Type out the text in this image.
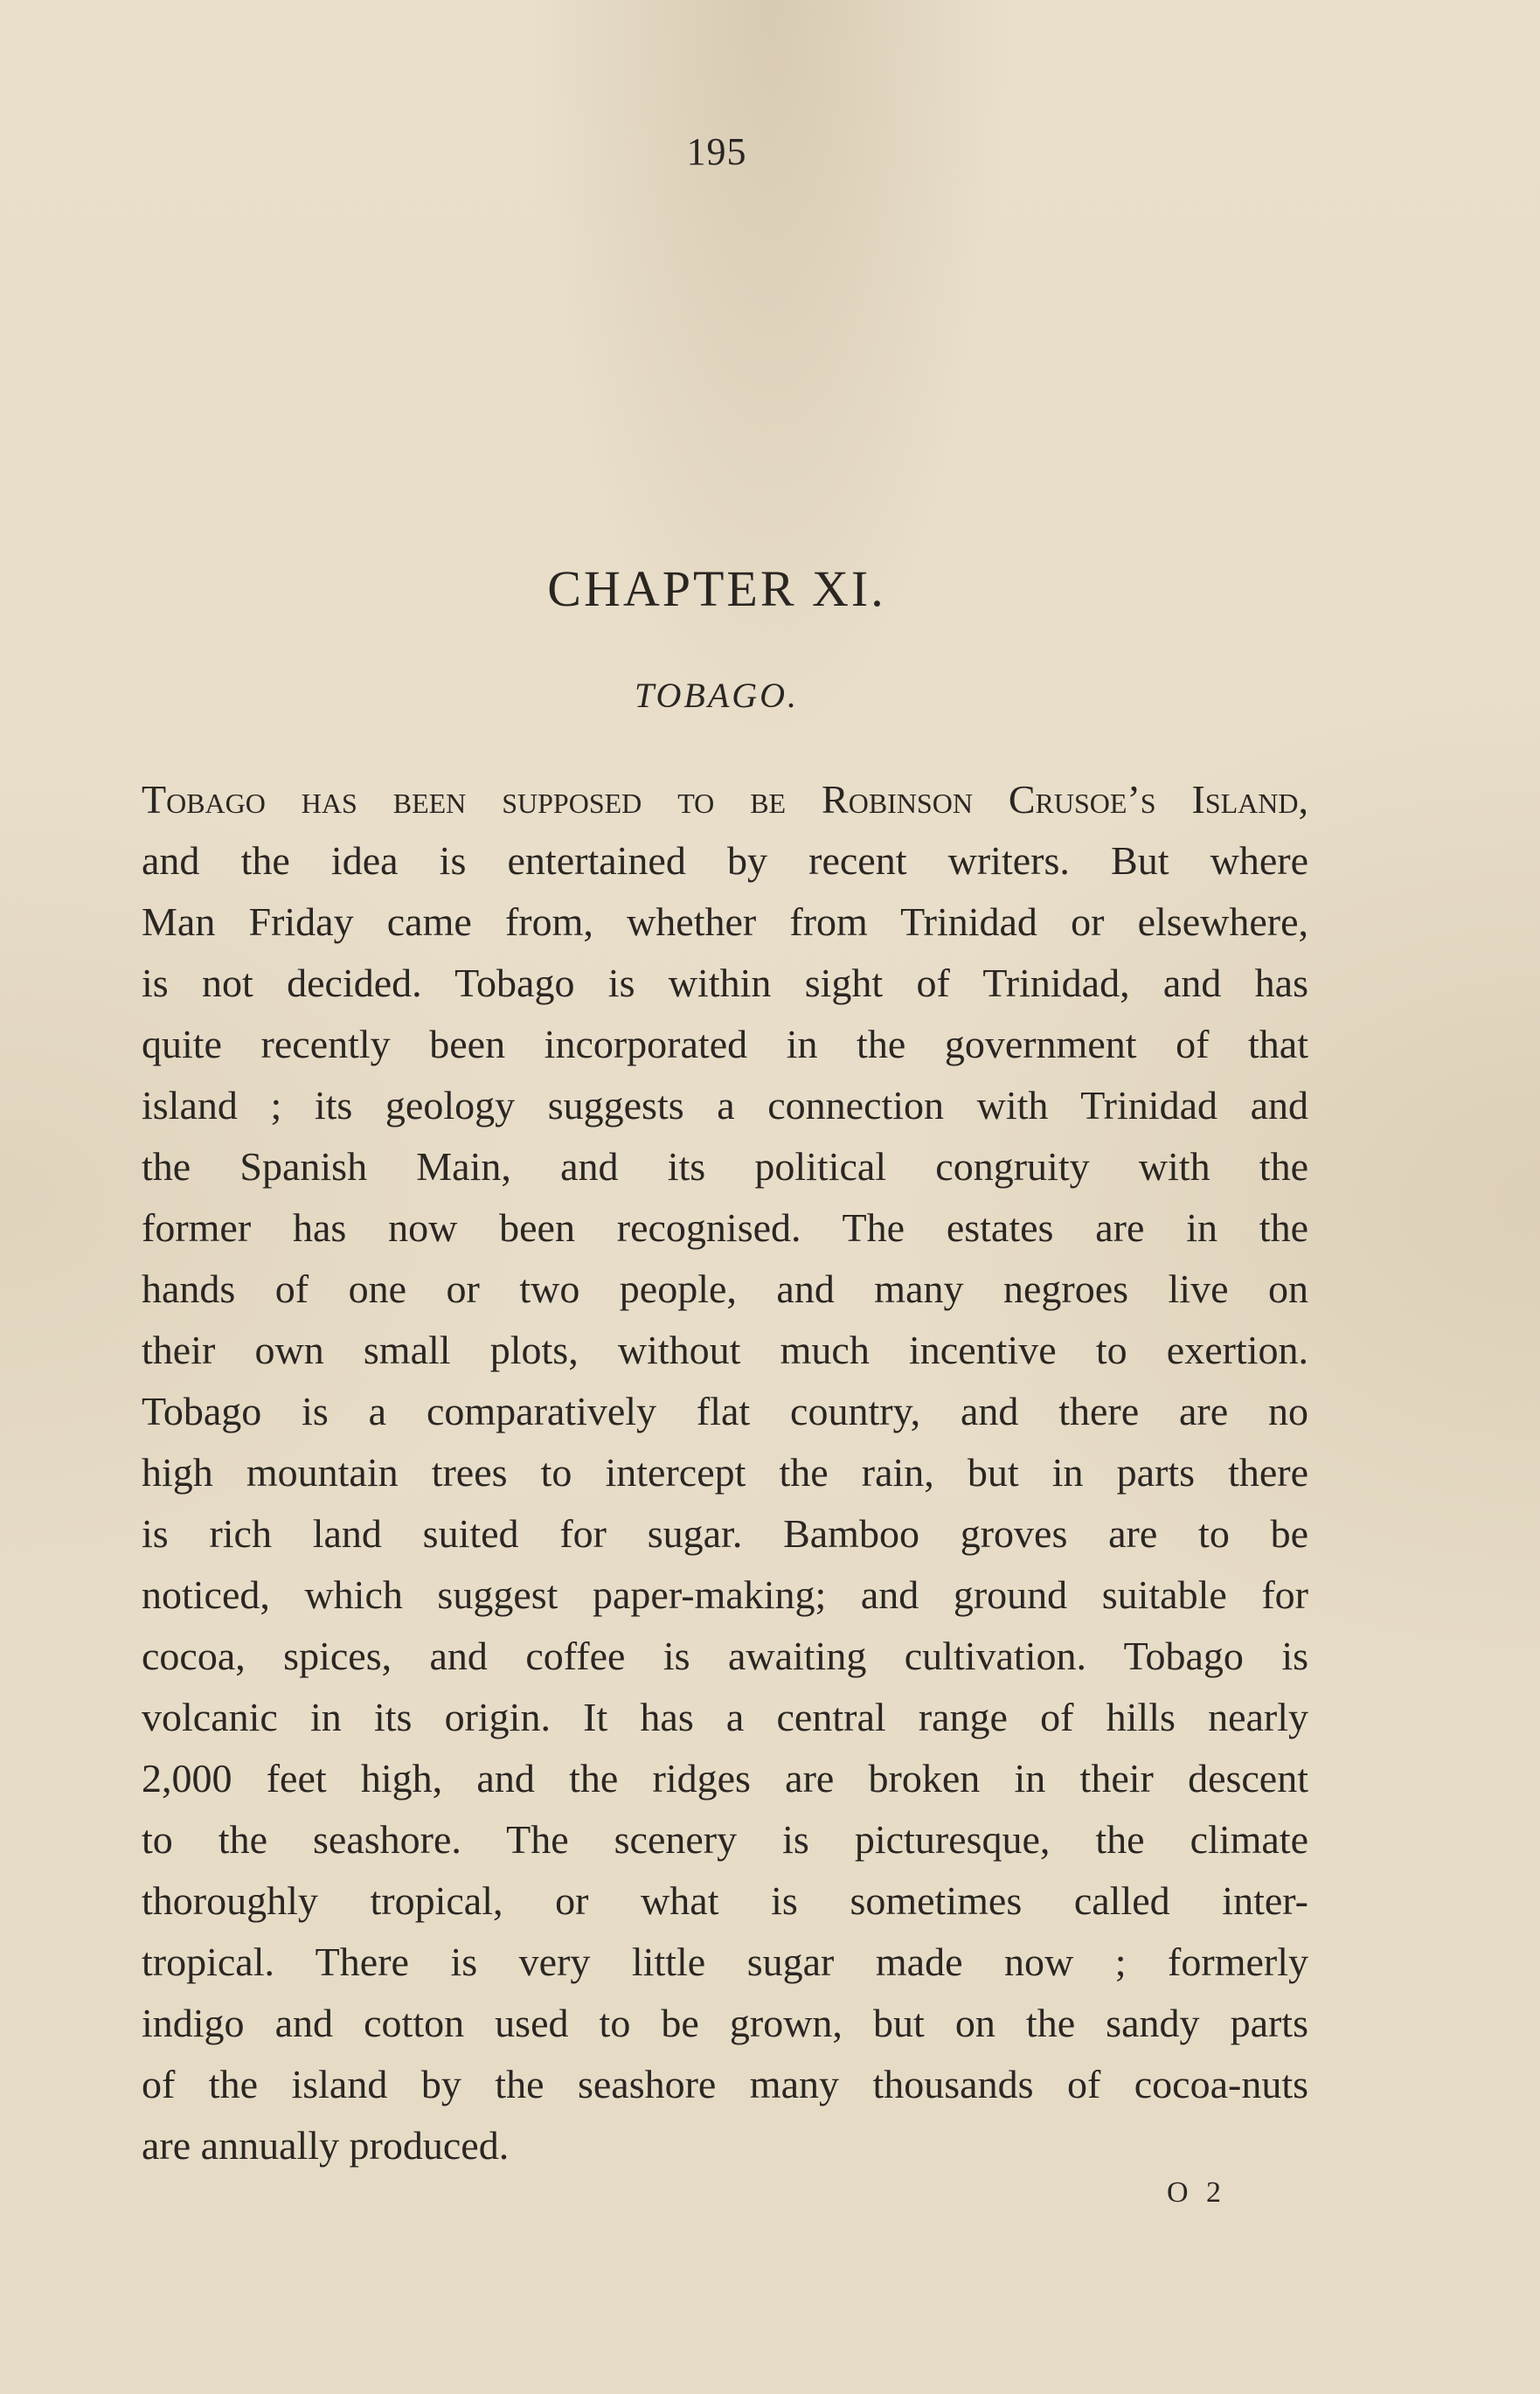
195
CHAPTER XI.
TOBAGO.
Tobago has been supposed to be Robinson Crusoe’s Island,
and the idea is entertained by recent writers. But where
Man Friday came from, whether from Trinidad or elsewhere,
is not decided. Tobago is within sight of Trinidad, and has
quite recently been incorporated in the government of that
island ; its geology suggests a connection with Trinidad and
the Spanish Main, and its political congruity with the
former has now been recognised. The estates are in the
hands of one or two people, and many negroes live on
their own small plots, without much incentive to exertion.
Tobago is a comparatively flat country, and there are no
high mountain trees to intercept the rain, but in parts there
is rich land suited for sugar. Bamboo groves are to be
noticed, which suggest paper-making; and ground suitable for
cocoa, spices, and coffee is awaiting cultivation. Tobago is
volcanic in its origin. It has a central range of hills nearly
2,000 feet high, and the ridges are broken in their descent
to the seashore. The scenery is picturesque, the climate
thoroughly tropical, or what is sometimes called inter-
tropical. There is very little sugar made now ; formerly
indigo and cotton used to be grown, but on the sandy parts
of the island by the seashore many thousands of cocoa-nuts
are annually produced.
O 2
